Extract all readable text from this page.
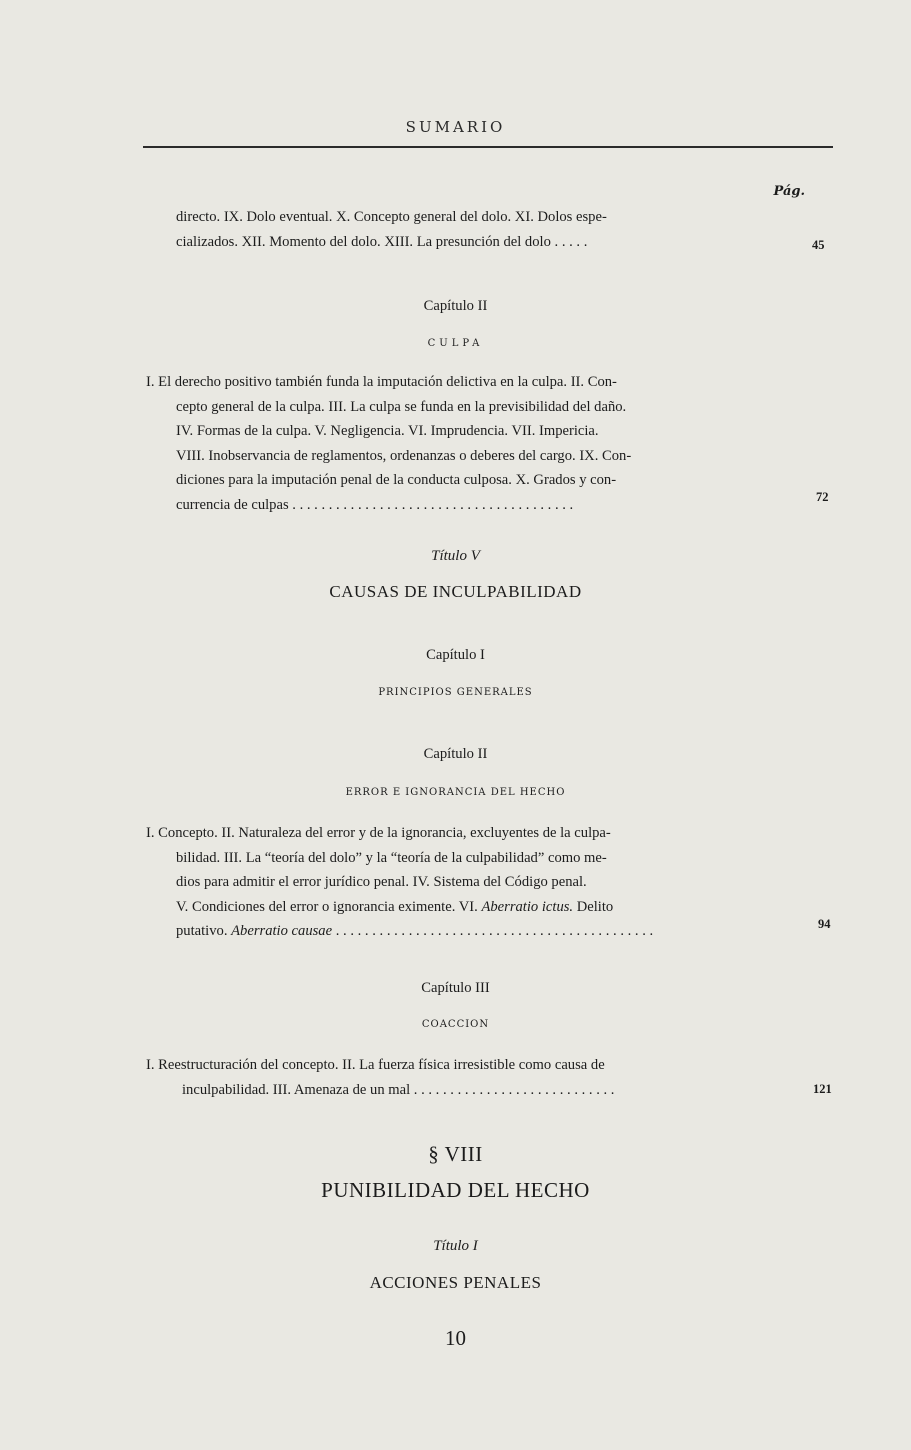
SUMARIO
Pág.
directo. IX. Dolo eventual. X. Concepto general del dolo. XI. Dolos espe-
cializados. XII. Momento del dolo. XIII. La presunción del dolo . . . . .	45
Capítulo II
CULPA
I. El derecho positivo también funda la imputación delictiva en la culpa. II. Con-
cepto general de la culpa. III. La culpa se funda en la previsibilidad del daño.
IV. Formas de la culpa. V. Negligencia. VI. Imprudencia. VII. Impericia.
VIII. Inobservancia de reglamentos, ordenanzas o deberes del cargo. IX. Con-
diciones para la imputación penal de la conducta culposa. X. Grados y con-
currencia de culpas . . . . . . . . . . . . . . . . . . . . . . . . . . . . . . . . . . . . . . .	72
Título V
CAUSAS DE INCULPABILIDAD
Capítulo I
PRINCIPIOS GENERALES
Capítulo II
ERROR E IGNORANCIA DEL HECHO
I. Concepto. II. Naturaleza del error y de la ignorancia, excluyentes de la culpa-
bilidad. III. La “teoría del dolo” y la “teoría de la culpabilidad” como me-
dios para admitir el error jurídico penal. IV. Sistema del Código penal.
V. Condiciones del error o ignorancia eximente. VI. Aberratio ictus. Delito
putativo. Aberratio causae . . . . . . . . . . . . . . . . . . . . . . . . . . . . . . . . . . . . . . . . . . . .	94
Capítulo III
COACCION
I. Reestructuración del concepto. II. La fuerza física irresistible como causa de
inculpabilidad. III. Amenaza de un mal . . . . . . . . . . . . . . . . . . . . . . . . . . . .	121
§ VIII
PUNIBILIDAD DEL HECHO
Título I
ACCIONES PENALES
10
